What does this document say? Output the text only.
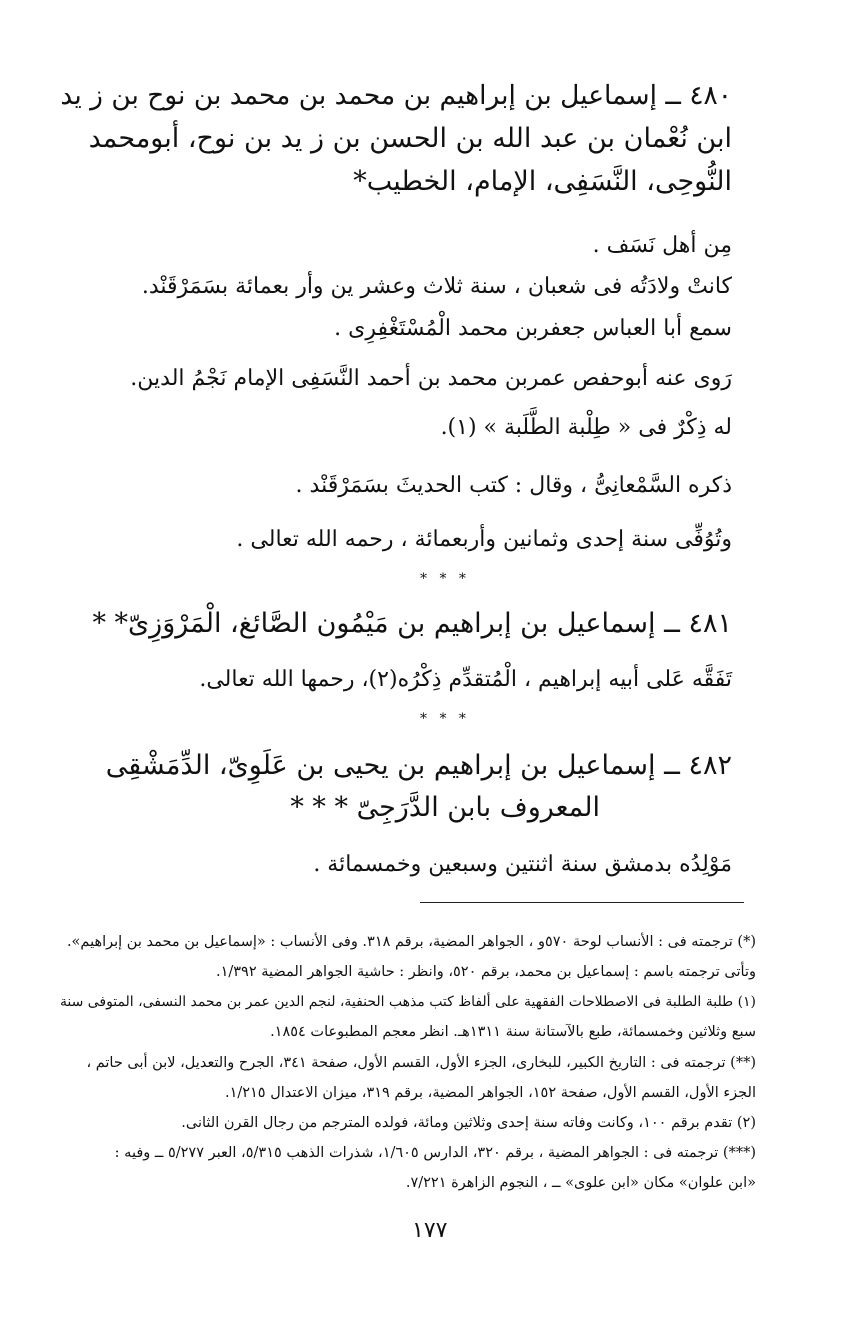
٤٨٠ ــ إسماعيل بن إبراهيم بن محمد بن محمد بن نوح بن ز يد
ابن نُعْمان بن عبد الله بن الحسن بن ز يد بن نوح، أبومحمد
النُّوحِى، النَّسَفِى، الإمام، الخطيب*
مِن أهل نَسَف .
كانتْ ولادَتُه فى شعبان ، سنة ثلاث وعشر ين وأر بعمائة بسَمَرْقَنْد.
سمع أبا العباس جعفربن محمد الْمُسْتَغْفِرِى .
رَوى عنه أبوحفص عمربن محمد بن أحمد النَّسَفِى الإمام نَجْمُ الدين.
له ذِكْرٌ فى « طِلْبة الطَّلَبة » (١).
ذكره السَّمْعانِىُّ ، وقال : كتب الحديثَ بسَمَرْقَنْد .
وتُوُفِّى سنة إحدى وثمانين وأربعمائة ، رحمه الله تعالى .
* * *
٤٨١ ــ إسماعيل بن إبراهيم بن مَيْمُون الصَّائغ، الْمَرْوَزِىّ* *
تَفَقَّه عَلى أبيه إبراهيم ، الْمُتقدِّم ذِكْرُه(٢)، رحمها الله تعالى.
* * *
٤٨٢ ــ إسماعيل بن إبراهيم بن يحيى بن عَلَوِىّ، الدِّمَشْقِى
المعروف بابن الدَّرَجِىّ * * *
مَوْلِدُه بدمشق سنة اثنتين وسبعين وخمسمائة .
(*) ترجمته فى : الأنساب لوحة ٥٧٠و ، الجواهر المضية، برقم ٣١٨. وفى الأنساب : «إسماعيل بن محمد بن إبراهيم».
وتأتى ترجمته باسم : إسماعيل بن محمد، برقم ٥٢٠، وانظر : حاشية الجواهر المضية ١/٣٩٢.
(١) طلبة الطلبة فى الاصطلاحات الفقهية على ألفاظ كتب مذهب الحنفية، لنجم الدين عمر بن محمد النسفى، المتوفى سنة
سبع وثلاثين وخمسمائة، طبع بالآستانة سنة ١٣١١هـ. انظر معجم المطبوعات ١٨٥٤.
(**) ترجمته فى : التاريخ الكبير، للبخارى، الجزء الأول، القسم الأول، صفحة ٣٤١، الجرح والتعديل، لابن أبى حاتم ،
الجزء الأول، القسم الأول، صفحة ١٥٢، الجواهر المضية، برقم ٣١٩، ميزان الاعتدال ١/٢١٥.
(٢) تقدم برقم ١٠٠، وكانت وفاته سنة إحدى وثلاثين ومائة، فولده المترجم من رجال القرن الثانى.
(***) ترجمته فى : الجواهر المضية ، برقم ٣٢٠، الدارس ١/٦٠٥، شذرات الذهب ٥/٣١٥، العبر ٥/٢٧٧ ــ وفيه :
«ابن علوان» مكان «ابن علوى» ــ ، النجوم الزاهرة ٧/٢٢١.
١٧٧
